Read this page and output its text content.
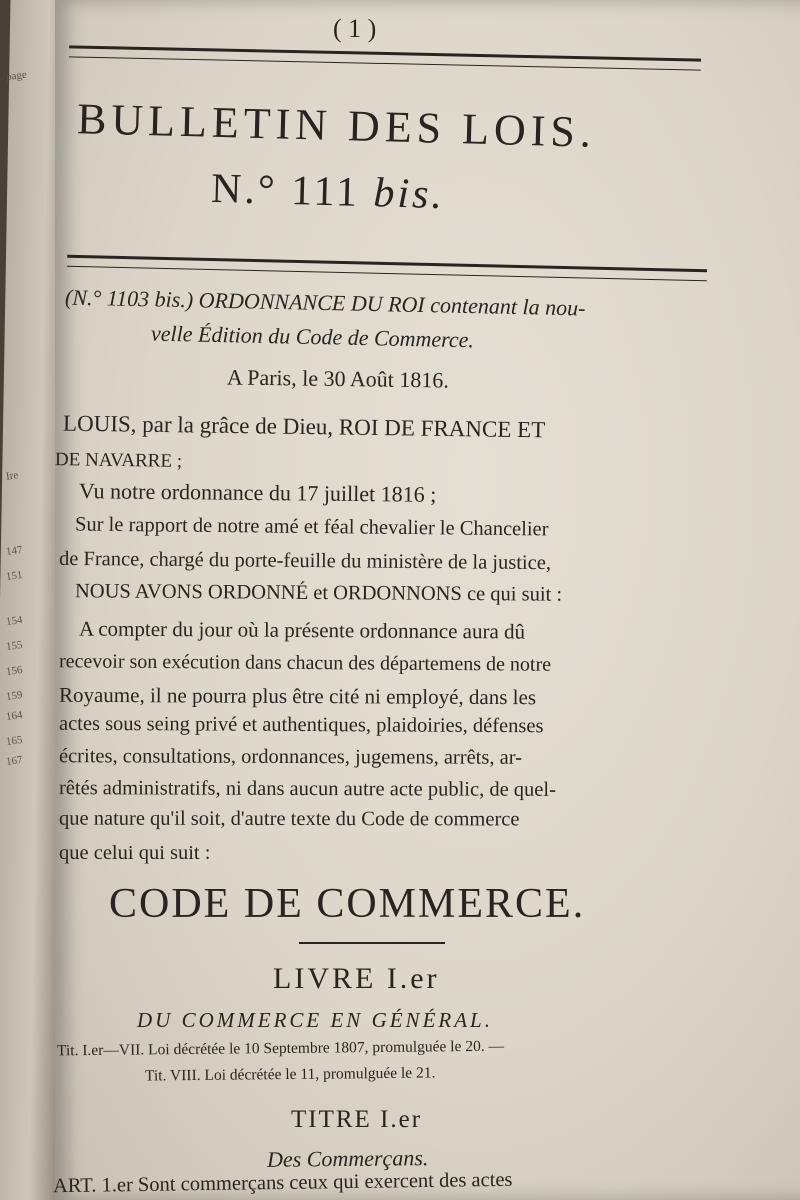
page
Ire
147
151
154
155
156
159
164
165
167
( 1 )
BULLETIN DES LOIS.
N.° 111 bis.
(N.° 1103 bis.) ORDONNANCE DU ROI contenant la nou-
velle Édition du Code de Commerce.
A Paris, le 30 Août 1816.
LOUIS, par la grâce de Dieu, ROI DE FRANCE ET
DE NAVARRE ;
Vu notre ordonnance du 17 juillet 1816 ;
Sur le rapport de notre amé et féal chevalier le Chancelier
de France, chargé du porte-feuille du ministère de la justice,
NOUS AVONS ORDONNÉ et ORDONNONS ce qui suit :
A compter du jour où la présente ordonnance aura dû
recevoir son exécution dans chacun des départemens de notre
Royaume, il ne pourra plus être cité ni employé, dans les
actes sous seing privé et authentiques, plaidoiries, défenses
écrites, consultations, ordonnances, jugemens, arrêts, ar-
rêtés administratifs, ni dans aucun autre acte public, de quel-
que nature qu'il soit, d'autre texte du Code de commerce
que celui qui suit :
CODE DE COMMERCE.
LIVRE I.er
DU COMMERCE EN GÉNÉRAL.
Tit. I.er—VII. Loi décrétée le 10 Septembre 1807, promulguée le 20. —
Tit. VIII. Loi décrétée le 11, promulguée le 21.
TITRE I.er
Des Commerçans.
ART. 1.er Sont commerçans ceux qui exercent des actes
